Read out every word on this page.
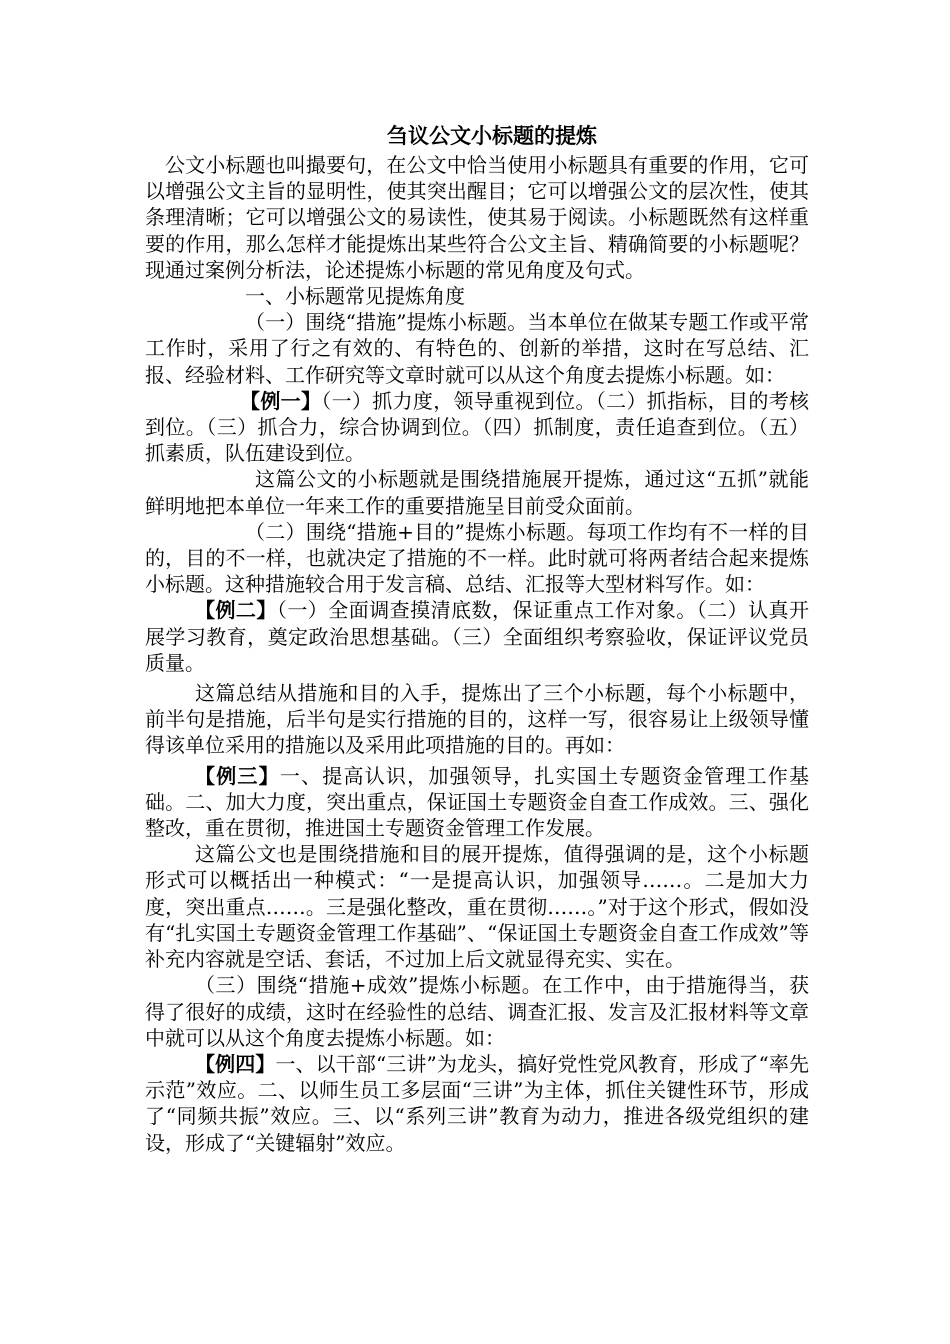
刍议公文小标题的提炼

公文小标题也叫撮要句，在公文中恰当使用小标题具有重要的作用，它可以增强公文主旨的显明性，使其突出醒目；它可以增强公文的层次性，使其条理清晰；它可以增强公文的易读性，使其易于阅读。小标题既然有这样重要的作用，那么怎样才能提炼出某些符合公文主旨、精确简要的小标题呢？现通过案例分析法，论述提炼小标题的常见角度及句式。

一、小标题常见提炼角度

（一）围绕“措施”提炼小标题。当本单位在做某专题工作或平常工作时，采用了行之有效的、有特色的、创新的举措，这时在写总结、汇报、经验材料、工作研究等文章时就可以从这个角度去提炼小标题。如：

【例一】（一）抓力度，领导重视到位。（二）抓指标，目的考核到位。（三）抓合力，综合协调到位。（四）抓制度，责任追查到位。（五）抓素质，队伍建设到位。

这篇公文的小标题就是围绕措施展开提炼，通过这“五抓”就能鲜明地把本单位一年来工作的重要措施呈目前受众面前。

（二）围绕“措施+目的”提炼小标题。每项工作均有不一样的目的，目的不一样，也就决定了措施的不一样。此时就可将两者结合起来提炼小标题。这种措施较合用于发言稿、总结、汇报等大型材料写作。如：

【例二】（一）全面调查摸清底数，保证重点工作对象。（二）认真开展学习教育，奠定政治思想基础。（三）全面组织考察验收，保证评议党员质量。

这篇总结从措施和目的入手，提炼出了三个小标题，每个小标题中，前半句是措施，后半句是实行措施的目的，这样一写，很容易让上级领导懂得该单位采用的措施以及采用此项措施的目的。再如：

【例三】一、提高认识，加强领导，扎实国土专题资金管理工作基础。二、加大力度，突出重点，保证国土专题资金自查工作成效。三、强化整改，重在贯彻，推进国土专题资金管理工作发展。

这篇公文也是围绕措施和目的展开提炼，值得强调的是，这个小标题形式可以概括出一种模式：“一是提高认识，加强领导……。二是加大力度，突出重点……。三是强化整改，重在贯彻……。”对于这个形式，假如没有“扎实国土专题资金管理工作基础”、“保证国土专题资金自查工作成效”等补充内容就是空话、套话，不过加上后文就显得充实、实在。

（三）围绕“措施+成效”提炼小标题。在工作中，由于措施得当，获得了很好的成绩，这时在经验性的总结、调查汇报、发言及汇报材料等文章中就可以从这个角度去提炼小标题。如：

【例四】一、以干部“三讲”为龙头，搞好党性党风教育，形成了“率先示范”效应。二、以师生员工多层面“三讲”为主体，抓住关键性环节，形成了“同频共振”效应。三、以“系列三讲”教育为动力，推进各级党组织的建设，形成了“关键辐射”效应。
